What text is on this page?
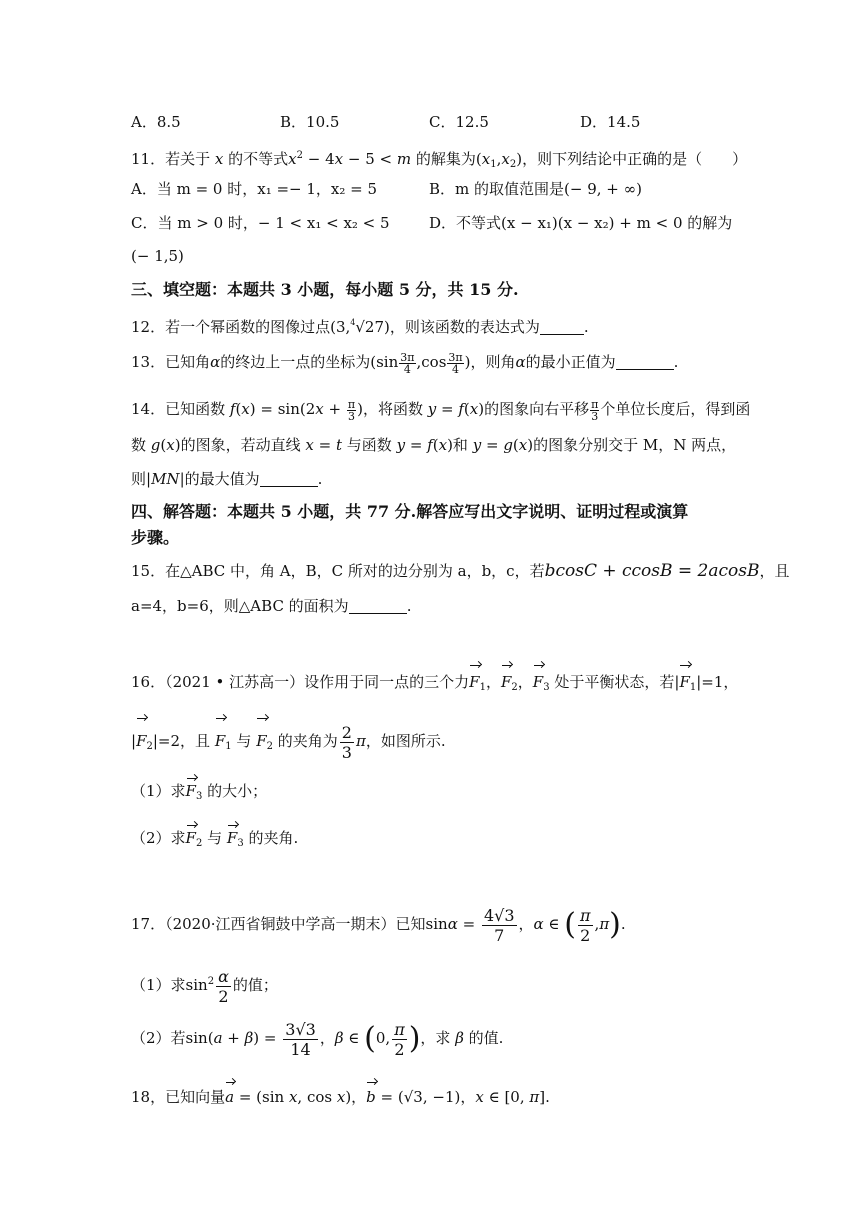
A．8.5	B．10.5	C．12.5	D．14.5
11．若关于 x 的不等式$x^2 - 4x - 5 < m$ 的解集为$(x_1,x_2)$，则下列结论中正确的是（　　）
A．当 m = 0 时，x₁ =− 1，x₂ = 5	B．m 的取值范围是(− 9, + ∞)
C．当 m > 0 时，− 1 < x₁ < x₂ < 5	D．不等式(x − x₁)(x − x₂) + m < 0 的解为
(− 1,5)
三、填空题：本题共 3 小题，每小题 5 分，共 15 分.
12．若一个幂函数的图像过点(3,$^4$√27)，则该函数的表达式为	.
13．已知角α的终边上一点的坐标为($\sin \frac{3\pi}{4} ,\cos \frac{3\pi}{4}$ )，则角α的最小正值为	.
14．已知函数 $f(x) = \sin(2x + \frac{\pi}{3}$ )，将函数 y = f(x)的图象向右平移 $\frac{\pi}{3}$ 个单位长度后，得到函
数 g(x)的图象，若动直线 x = t 与函数 y = f(x)和 y = g(x)的图象分别交于 M，N 两点，
则|MN|的最大值为	.
四、解答题：本题共 5 小题，共 77 分.解答应写出文字说明、证明过程或演算
步骤。
15．在△ABC 中，角 A，B，C 所对的边分别为 a，b，c，若bcosC + ccosB = 2acosB，且
a=4，b=6，则△ABC 的面积为	.
16．（2021 • 江苏高一）设作用于同一点的三个力$F_1$，$F_2$，$F_3$ 处于平衡状态，若$|F_1|=1$，
$|F_2|=2$，且 $F_1$ 与 $F_2$ 的夹角为 $\frac{2}{3}$ π，如图所示.
（1）求$F_3$ 的大小；
（2）求$F_2$ 与 $F_3$ 的夹角.
17．（2020·江西省铜鼓中学高一期末）已知$\sin\alpha = \frac{4√3}{7}$ ，α ∈ ( $\frac{\pi}{2} ,\pi$).
（1）求$\sin^2 \frac{\alpha}{2}$ 的值；
（2）若$\sin(a + \beta) = \frac{3√3}{14}$ ，β ∈ (0, $\frac{\pi}{2}$ )，求 β 的值.
18，已知向量a = (sin x, cos x)，b = (√3, −1)，x ∈ [0, π].
